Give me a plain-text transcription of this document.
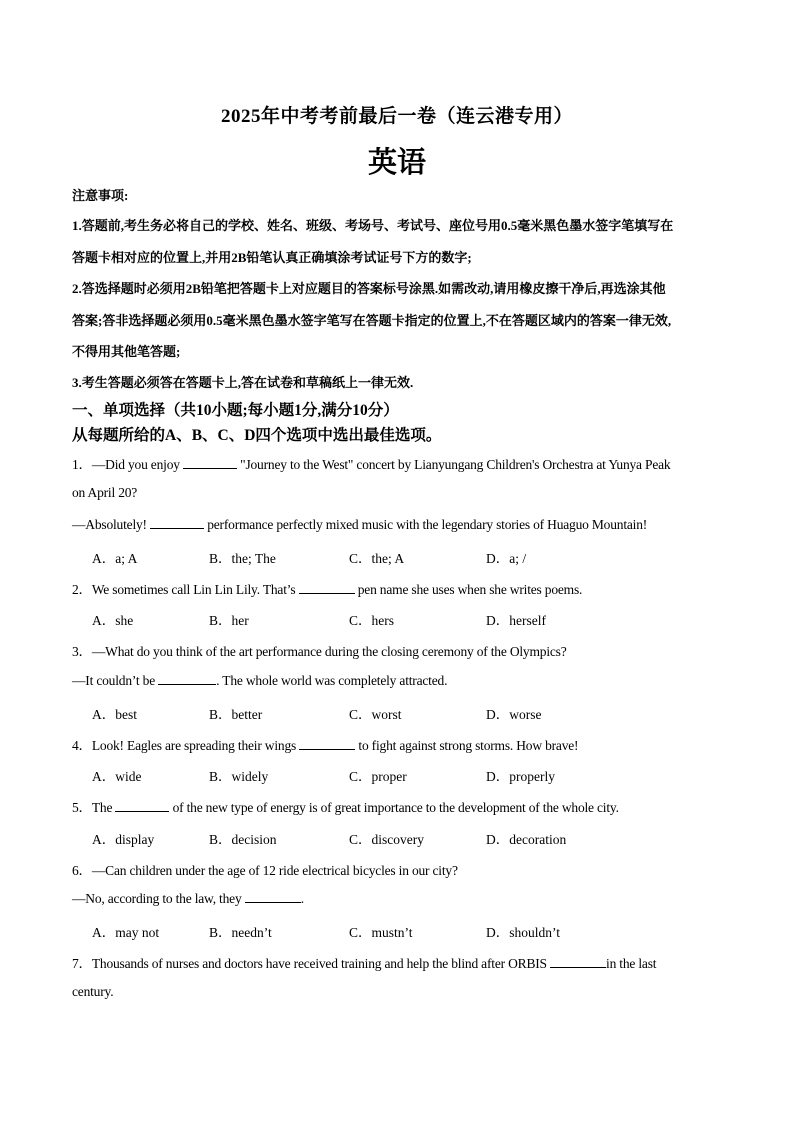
2025年中考考前最后一卷（连云港专用）
英语
注意事项:
1.答题前,考生务必将自己的学校、姓名、班级、考场号、考试号、座位号用0.5毫米黑色墨水签字笔填写在
答题卡相对应的位置上,并用2B铅笔认真正确填涂考试证号下方的数字;
2.答选择题时必须用2B铅笔把答题卡上对应题目的答案标号涂黑.如需改动,请用橡皮擦干净后,再选涂其他
答案;答非选择题必须用0.5毫米黑色墨水签字笔写在答题卡指定的位置上,不在答题区域内的答案一律无效,
不得用其他笔答题;
3.考生答题必须答在答题卡上,答在试卷和草稿纸上一律无效.
一、单项选择（共10小题;每小题1分,满分10分）
从每题所给的A、B、C、D四个选项中选出最佳选项。
1．—Did you enjoy	"Journey to the West" concert by Lianyungang Children's Orchestra at Yunya Peak
on April 20?
—Absolutely!	performance perfectly mixed music with the legendary stories of Huaguo Mountain!
A．a; A	B．the; The	C．the; A	D．a; /
2．We sometimes call Lin Lin Lily. That’s	pen name she uses when she writes poems.
A．she	B．her	C．hers	D．herself
3．—What do you think of the art performance during the closing ceremony of the Olympics?
—It couldn’t be	. The whole world was completely attracted.
A．best	B．better	C．worst	D．worse
4．Look! Eagles are spreading their wings	to fight against strong storms. How brave!
A．wide	B．widely	C．proper	D．properly
5．The	of the new type of energy is of great importance to the development of the whole city.
A．display	B．decision	C．discovery	D．decoration
6．—Can children under the age of 12 ride electrical bicycles in our city?
—No, according to the law, they	.
A．may not	B．needn’t	C．mustn’t	D．shouldn’t
7．Thousands of nurses and doctors have received training and help the blind after ORBIS	in the last
century.
